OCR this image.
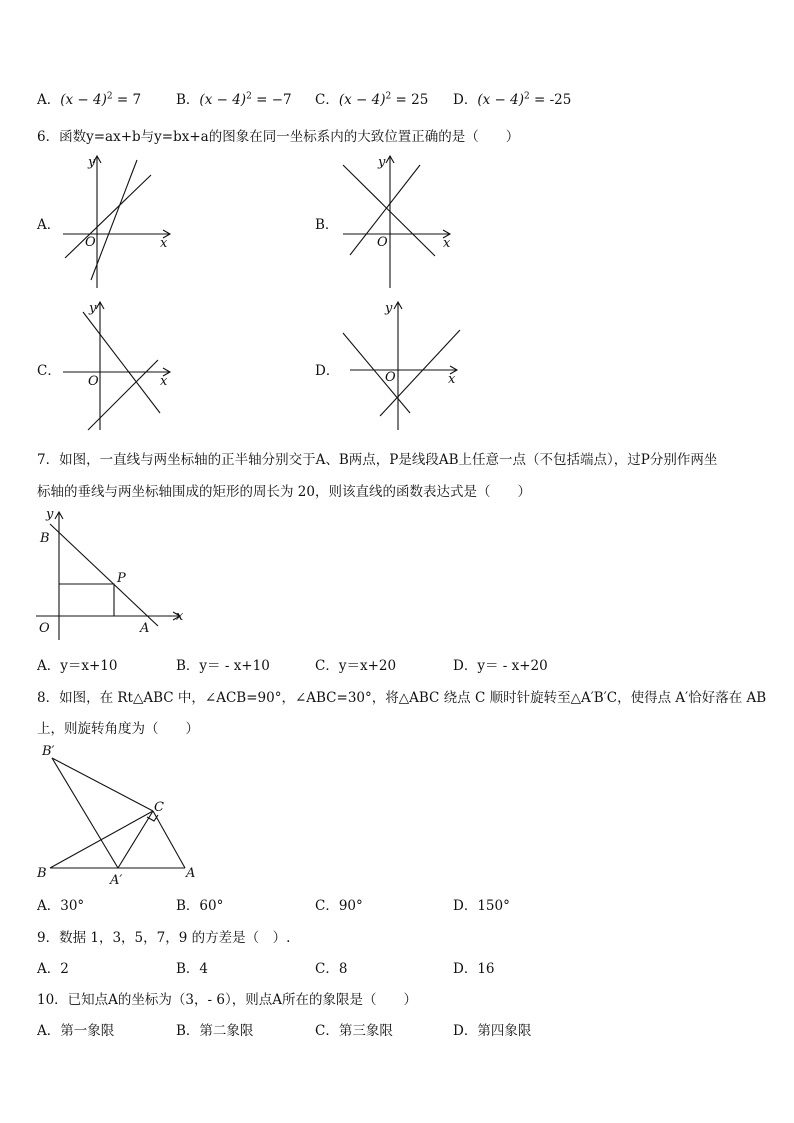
A．$(x - 4)^2 = 7$	B．$(x - 4)^2 = -7$ C．$(x - 4)^2 = 25$ D．$(x - 4)^2 = -25$
6．函数y=ax+b与y=bx+a的图象在同一坐标系内的大致位置正确的是（　　）
A．	B．
C．	D．
y
x
O
y
x
O
y
x
O
y
x
O
7．如图，一直线与两坐标轴的正半轴分别交于A、B两点，P是线段AB上任意一点（不包括端点），过P分别作两坐
标轴的垂线与两坐标轴围成的矩形的周长为 20，则该直线的函数表达式是（　　）
y
B
P
x
O	A
A．y＝x+10	B．y＝ - x+10	C．y＝x+20	D．y＝ - x+20
8．如图，在 Rt△ABC 中，∠ACB=90°，∠ABC=30°，将△ABC 绕点 C 顺时针旋转至△A′B′C，使得点 A′恰好落在 AB
上，则旋转角度为（　　）
B′
C
B	A′	A
A．30°	B．60°	C．90°	D．150°
9．数据 1，3，5，7，9 的方差是（　）.
A．2	B．4	C．8	D．16
10．已知点A的坐标为（3，- 6），则点A所在的象限是（　　）
A．第一象限	B．第二象限	C．第三象限	D．第四象限
